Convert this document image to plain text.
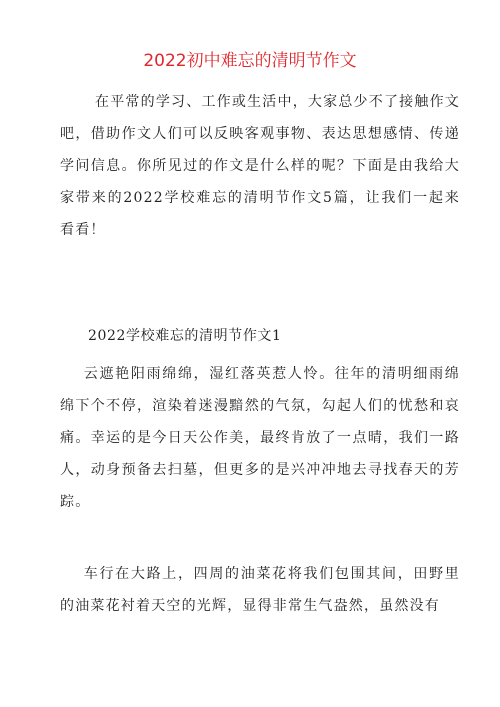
2022初中难忘的清明节作文

在平常的学习、工作或生活中，大家总少不了接触作文吧，借助作文人们可以反映客观事物、表达思想感情、传递学问信息。你所见过的作文是什么样的呢？下面是由我给大家带来的2022学校难忘的清明节作文5篇，让我们一起来看看！

2022学校难忘的清明节作文1

云遮艳阳雨绵绵，湿红落英惹人怜。往年的清明细雨绵绵下个不停，渲染着迷漫黯然的气氛，勾起人们的忧愁和哀痛。幸运的是今日天公作美，最终肯放了一点晴，我们一路人，动身预备去扫墓，但更多的是兴冲冲地去寻找春天的芳踪。

车行在大路上，四周的油菜花将我们包围其间，田野里的油菜花衬着天空的光辉，显得非常生气盎然，虽然没有
